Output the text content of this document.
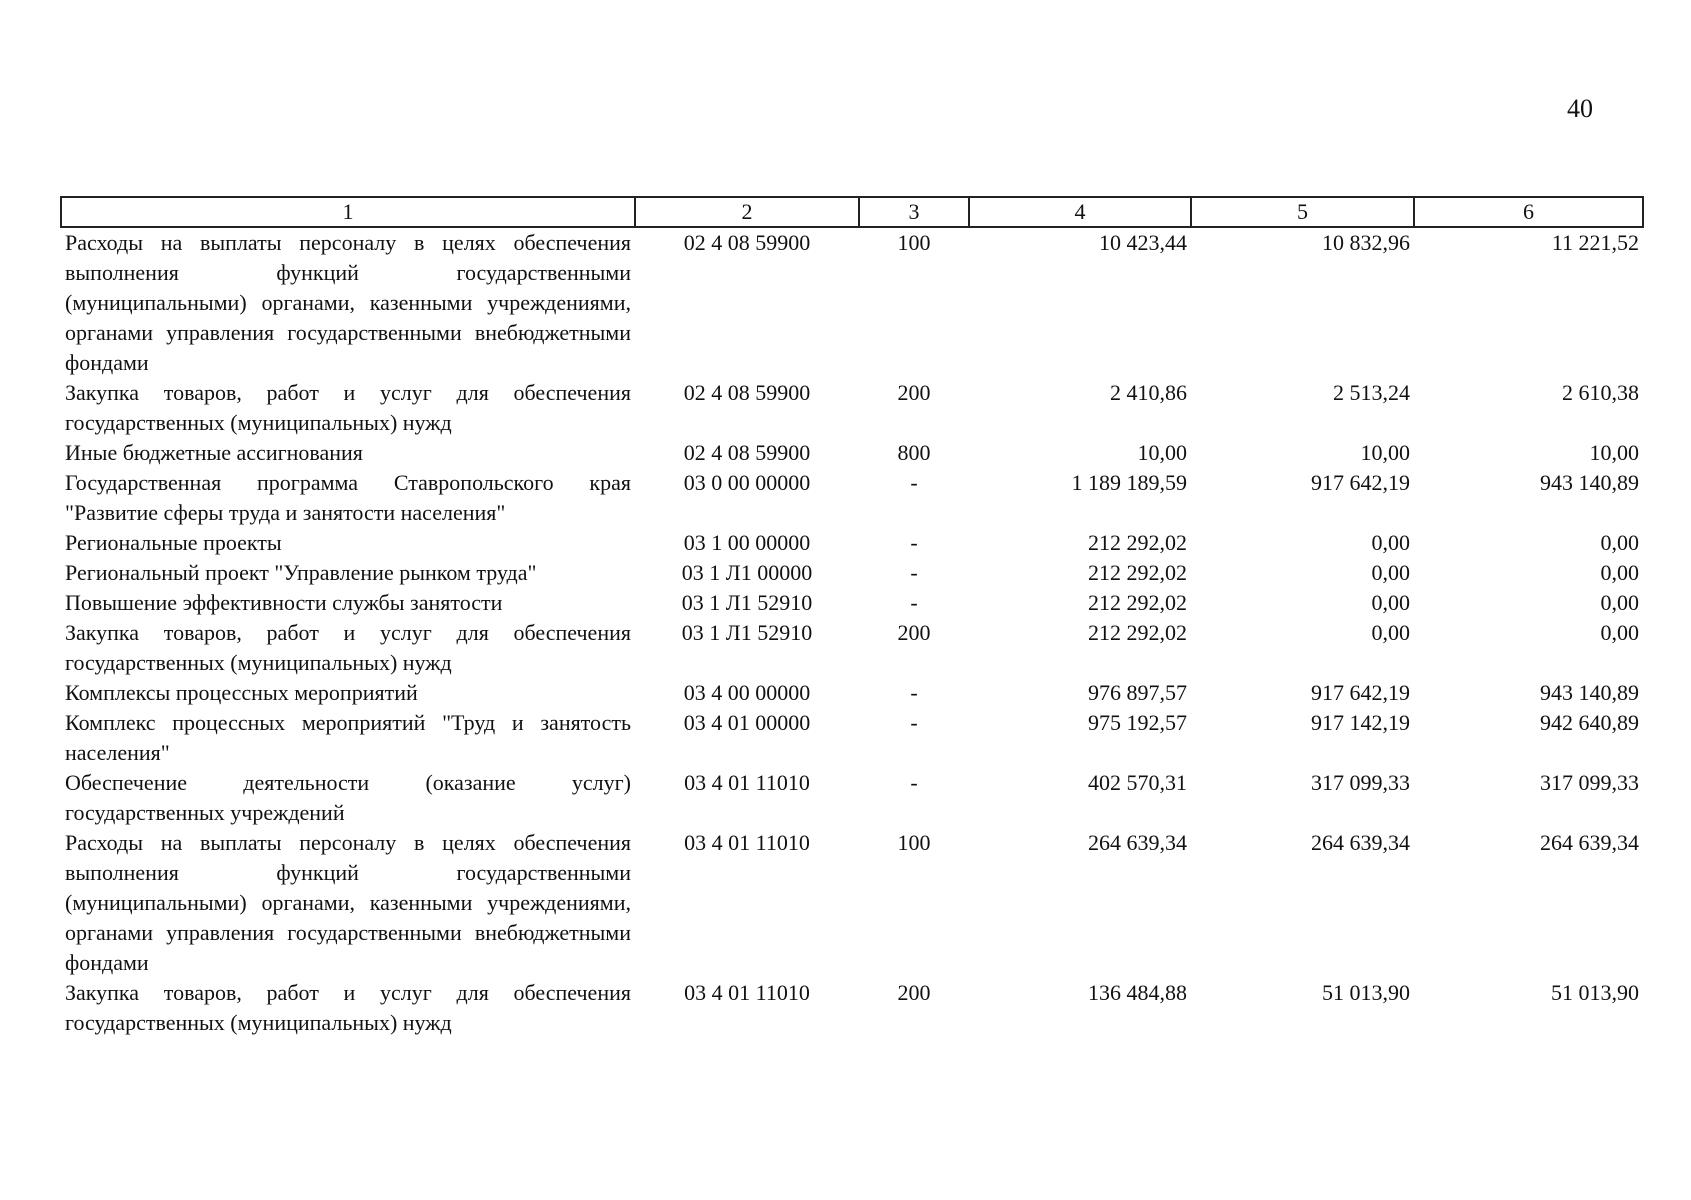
40
1	2	3	4	5	6
Расходы на выплаты персоналу в целях обеспечения выполнения функций государственными (муниципальными) органами, казенными учреждениями, органами управления государственными внебюджетными фондами	02 4 08 59900	100	10 423,44	10 832,96	11 221,52
Закупка товаров, работ и услуг для обеспечения государственных (муниципальных) нужд	02 4 08 59900	200	2 410,86	2 513,24	2 610,38
Иные бюджетные ассигнования	02 4 08 59900	800	10,00	10,00	10,00
Государственная программа Ставропольского края "Развитие сферы труда и занятости населения"	03 0 00 00000	-	1 189 189,59	917 642,19	943 140,89
Региональные проекты	03 1 00 00000	-	212 292,02	0,00	0,00
Региональный проект "Управление рынком труда"	03 1 Л1 00000	-	212 292,02	0,00	0,00
Повышение эффективности службы занятости	03 1 Л1 52910	-	212 292,02	0,00	0,00
Закупка товаров, работ и услуг для обеспечения государственных (муниципальных) нужд	03 1 Л1 52910	200	212 292,02	0,00	0,00
Комплексы процессных мероприятий	03 4 00 00000	-	976 897,57	917 642,19	943 140,89
Комплекс процессных мероприятий "Труд и занятость населения"	03 4 01 00000	-	975 192,57	917 142,19	942 640,89
Обеспечение деятельности (оказание услуг) государственных учреждений	03 4 01 11010	-	402 570,31	317 099,33	317 099,33
Расходы на выплаты персоналу в целях обеспечения выполнения функций государственными (муниципальными) органами, казенными учреждениями, органами управления государственными внебюджетными фондами	03 4 01 11010	100	264 639,34	264 639,34	264 639,34
Закупка товаров, работ и услуг для обеспечения государственных (муниципальных) нужд	03 4 01 11010	200	136 484,88	51 013,90	51 013,90
